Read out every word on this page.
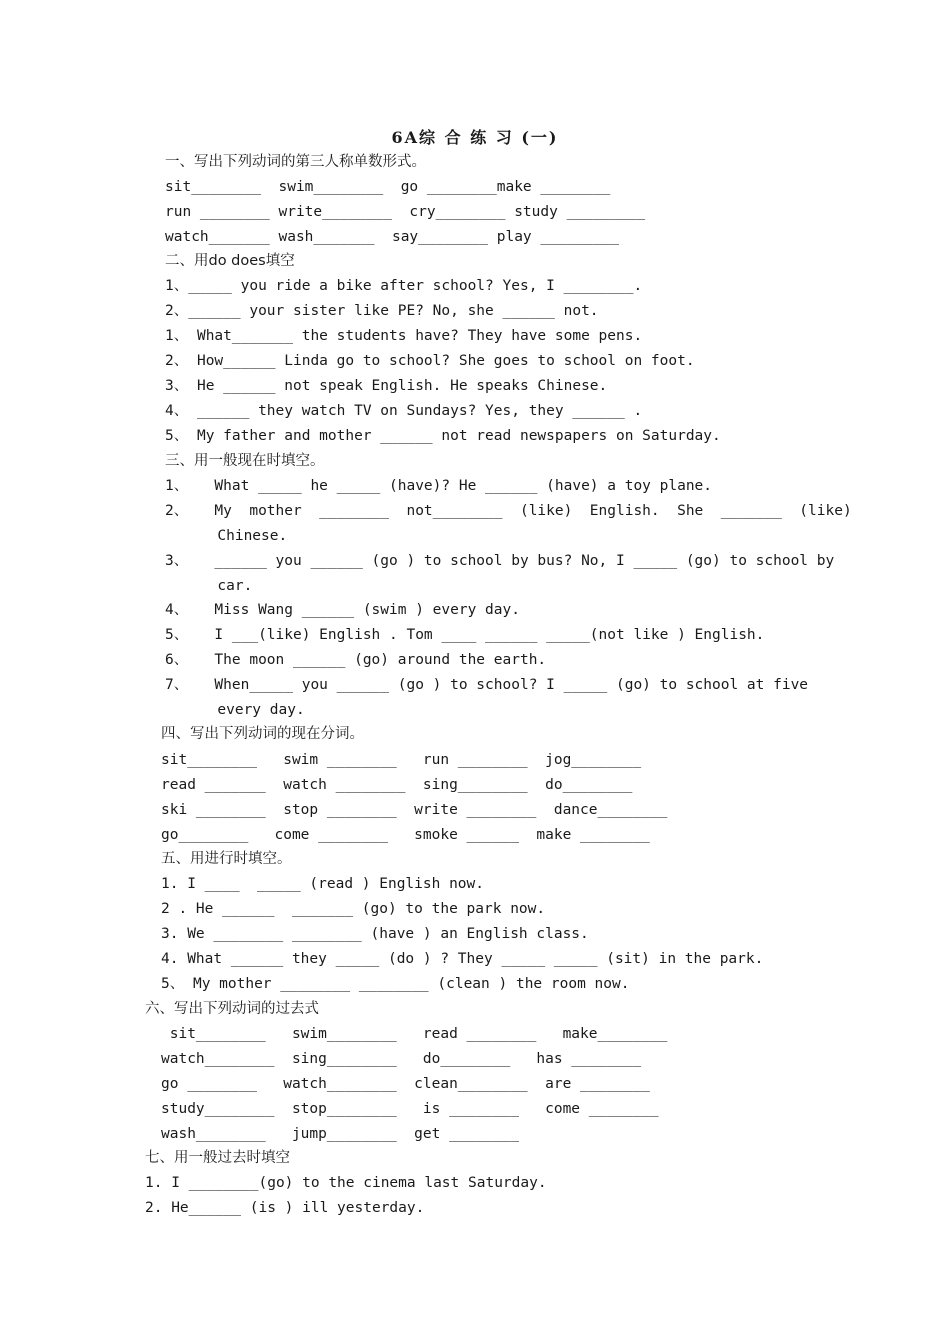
6A综 合 练 习 (一)
一、写出下列动词的第三人称单数形式。
sit________  swim________  go ________make ________
run ________ write________  cry________ study _________
watch_______ wash_______  say________ play _________
二、用do does填空
1、_____ you ride a bike after school? Yes, I ________.
2、______ your sister like PE? No, she ______ not.
1、 What_______ the students have? They have some pens.
2、 How______ Linda go to school? She goes to school on foot.
3、 He ______ not speak English. He speaks Chinese.
4、 ______ they watch TV on Sundays? Yes, they ______ .
5、 My father and mother ______ not read newspapers on Saturday.
三、用一般现在时填空。
1、   What _____ he _____ (have)? He ______ (have) a toy plane.
2、   My  mother  ________  not________  (like)  English.  She  _______  (like)
Chinese.
3、   ______ you ______ (go ) to school by bus? No, I _____ (go) to school by
car.
4、   Miss Wang ______ (swim ) every day.
5、   I ___(like) English . Tom ____ ______ _____(not like ) English.
6、   The moon ______ (go) around the earth.
7、   When_____ you ______ (go ) to school? I _____ (go) to school at five
every day.
四、写出下列动词的现在分词。
sit________   swim ________   run ________  jog________
read _______  watch ________  sing________  do________
ski ________  stop ________  write ________  dance________
go________   come ________   smoke ______  make ________
五、用进行时填空。
1. I ____  _____ (read ) English now.
2 . He ______  _______ (go) to the park now.
3. We ________ ________ (have ) an English class.
4. What ______ they _____ (do ) ? They _____ _____ (sit) in the park.
5、 My mother ________ ________ (clean ) the room now.
六、写出下列动词的过去式
sit________   swim________   read ________   make________
watch________  sing________   do________   has ________
go ________   watch________  clean________  are ________
study________  stop________   is ________   come ________
wash________   jump________  get ________
七、用一般过去时填空
1. I ________(go) to the cinema last Saturday.
2. He______ (is ) ill yesterday.
